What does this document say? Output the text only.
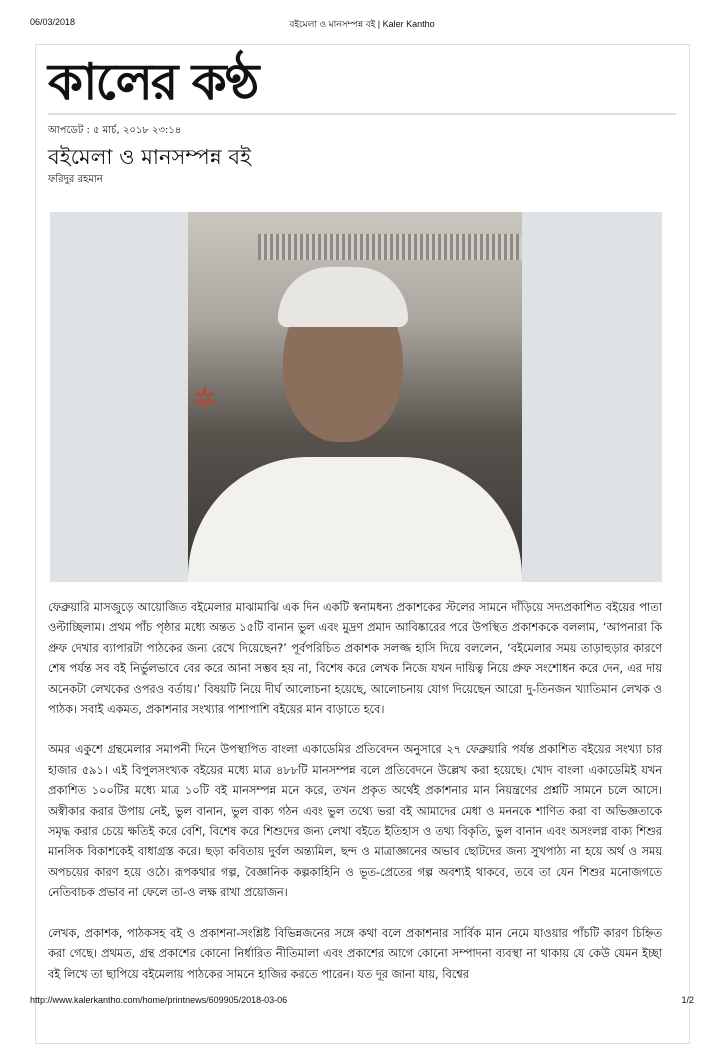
06/03/2018	বইমেলা ও মানসম্পন্ন বই | Kaler Kantho
কালের কণ্ঠ
আপডেট : ৫ মার্চ, ২০১৮ ২৩:১৪
বইমেলা ও মানসম্পন্ন বই
ফরিদুর রহমান
✲

ফেব্রুয়ারি মাসজুড়ে আয়োজিত বইমেলার মাঝামাঝি এক দিন একটি স্বনামধন্য প্রকাশকের স্টলের সামনে দাঁড়িয়ে সদ্যপ্রকাশিত বইয়ের পাতা ওল্টাচ্ছিলাম। প্রথম পাঁচ পৃষ্ঠার মধ্যে অন্তত ১৫টি বানান ভুল এবং মুদ্রণ প্রমাদ আবিষ্কারের পরে উপস্থিত প্রকাশককে বললাম, ‘আপনারা কি প্রুফ দেখার ব্যাপারটা পাঠকের জন্য রেখে দিয়েছেন?’ পূর্বপরিচিত প্রকাশক সলজ্জ হাসি দিয়ে বললেন, ‘বইমেলার সময় তাড়াহুড়ার কারণে শেষ পর্যন্ত সব বই নির্ভুলভাবে বের করে আনা সম্ভব হয় না, বিশেষ করে লেখক নিজে যখন দায়িত্ব নিয়ে প্রুফ সংশোধন করে দেন, এর দায় অনেকটা লেখকের ওপরও বর্তায়।’ বিষয়টি নিয়ে দীর্ঘ আলোচনা হয়েছে, আলোচনায় যোগ দিয়েছেন আরো দু-তিনজন খ্যাতিমান লেখক ও পাঠক। সবাই একমত, প্রকাশনার সংখ্যার পাশাপাশি বইয়ের মান বাড়াতে হবে।

অমর একুশে গ্রন্থমেলার সমাপনী দিনে উপস্থাপিত বাংলা একাডেমির প্রতিবেদন অনুসারে ২৭ ফেব্রুয়ারি পর্যন্ত প্রকাশিত বইয়ের সংখ্যা চার হাজার ৫৯১। এই বিপুলসংখ্যক বইয়ের মধ্যে মাত্র ৪৮৮টি মানসম্পন্ন বলে প্রতিবেদনে উল্লেখ করা হয়েছে। খোদ বাংলা একাডেমিই যখন প্রকাশিত ১০০টির মধ্যে মাত্র ১০টি বই মানসম্পন্ন মনে করে, তখন প্রকৃত অর্থেই প্রকাশনার মান নিয়ন্ত্রণের প্রশ্নটি সামনে চলে আসে। অস্বীকার করার উপায় নেই, ভুল বানান, ভুল বাক্য গঠন এবং ভুল তথ্যে ভরা বই আমাদের মেধা ও মননকে শাণিত করা বা অভিজ্ঞতাকে সমৃদ্ধ করার চেয়ে ক্ষতিই করে বেশি, বিশেষ করে শিশুদের জন্য লেখা বইতে ইতিহাস ও তথ্য বিকৃতি, ভুল বানান এবং অসংলগ্ন বাক্য শিশুর মানসিক বিকাশকেই বাধাগ্রস্ত করে। ছড়া কবিতায় দুর্বল অন্ত্যমিল, ছন্দ ও মাত্রাজ্ঞানের অভাব ছোটদের জন্য সুখপাঠ্য না হয়ে অর্থ ও সময় অপচয়ের কারণ হয়ে ওঠে। রূপকথার গল্প, বৈজ্ঞানিক কল্পকাহিনি ও ভূত-প্রেতের গল্প অবশ্যই থাকবে, তবে তা যেন শিশুর মনোজগতে নেতিবাচক প্রভাব না ফেলে তা-ও লক্ষ রাখা প্রয়োজন।

লেখক, প্রকাশক, পাঠকসহ বই ও প্রকাশনা-সংশ্লিষ্ট বিভিন্নজনের সঙ্গে কথা বলে প্রকাশনার সার্বিক মান নেমে যাওয়ার পাঁচটি কারণ চিহ্নিত করা গেছে। প্রথমত, গ্রন্থ প্রকাশের কোনো নির্ধারিত নীতিমালা এবং প্রকাশের আগে কোনো সম্পাদনা ব্যবস্থা না থাকায় যে কেউ যেমন ইচ্ছা বই লিখে তা ছাপিয়ে বইমেলায় পাঠকের সামনে হাজির করতে পারেন। যত দূর জানা যায়, বিশ্বের

http://www.kalerkantho.com/home/printnews/609905/2018-03-06	1/2
